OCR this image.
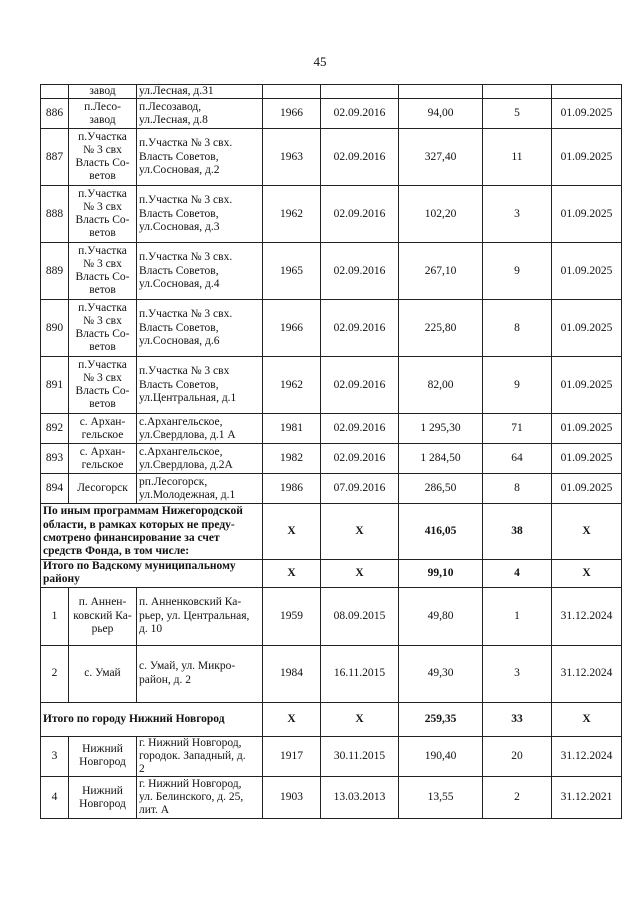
45
	завод	ул.Лесная, д.31					
886	п.Лесо-
завод	п.Лесозавод,
ул.Лесная, д.8	1966	02.09.2016	94,00	5	01.09.2025
887	п.Участка
№ 3 свх
Власть Со-
ветов	п.Участка № 3 свх.
Власть Советов,
ул.Сосновая, д.2	1963	02.09.2016	327,40	11	01.09.2025
888	п.Участка
№ 3 свх
Власть Со-
ветов	п.Участка № 3 свх.
Власть Советов,
ул.Сосновая, д.3	1962	02.09.2016	102,20	3	01.09.2025
889	п.Участка
№ 3 свх
Власть Со-
ветов	п.Участка № 3 свх.
Власть Советов,
ул.Сосновая, д.4	1965	02.09.2016	267,10	9	01.09.2025
890	п.Участка
№ 3 свх
Власть Со-
ветов	п.Участка № 3 свх.
Власть Советов,
ул.Сосновая, д.6	1966	02.09.2016	225,80	8	01.09.2025
891	п.Участка
№ 3 свх
Власть Со-
ветов	п.Участка № 3 свх
Власть Советов,
ул.Центральная, д.1	1962	02.09.2016	82,00	9	01.09.2025
892	с. Архан-
гельское	с.Архангельское,
ул.Свердлова, д.1 А	1981	02.09.2016	1 295,30	71	01.09.2025
893	с. Архан-
гельское	с.Архангельское,
ул.Свердлова, д.2А	1982	02.09.2016	1 284,50	64	01.09.2025
894	Лесогорск	рп.Лесогорск,
ул.Молодежная, д.1	1986	07.09.2016	286,50	8	01.09.2025
По иным программам Нижегородской
области, в рамках которых не преду-
смотрено финансирование за счет
средств Фонда, в том числе:			X	X	416,05	38	X
Итого по Вадскому муниципальному
району			X	X	99,10	4	X
1	п. Аннен-
ковский Ка-
рьер	п. Анненковский Ка-
рьер, ул. Центральная,
д. 10	1959	08.09.2015	49,80	1	31.12.2024
2	с. Умай	с. Умай, ул. Микро-
район, д. 2	1984	16.11.2015	49,30	3	31.12.2024
Итого по городу Нижний Новгород			X	X	259,35	33	X
3	Нижний
Новгород	г. Нижний Новгород,
городок. Западный, д.
2	1917	30.11.2015	190,40	20	31.12.2024
4	Нижний
Новгород	г. Нижний Новгород,
ул. Белинского, д. 25,
лит. А	1903	13.03.2013	13,55	2	31.12.2021
